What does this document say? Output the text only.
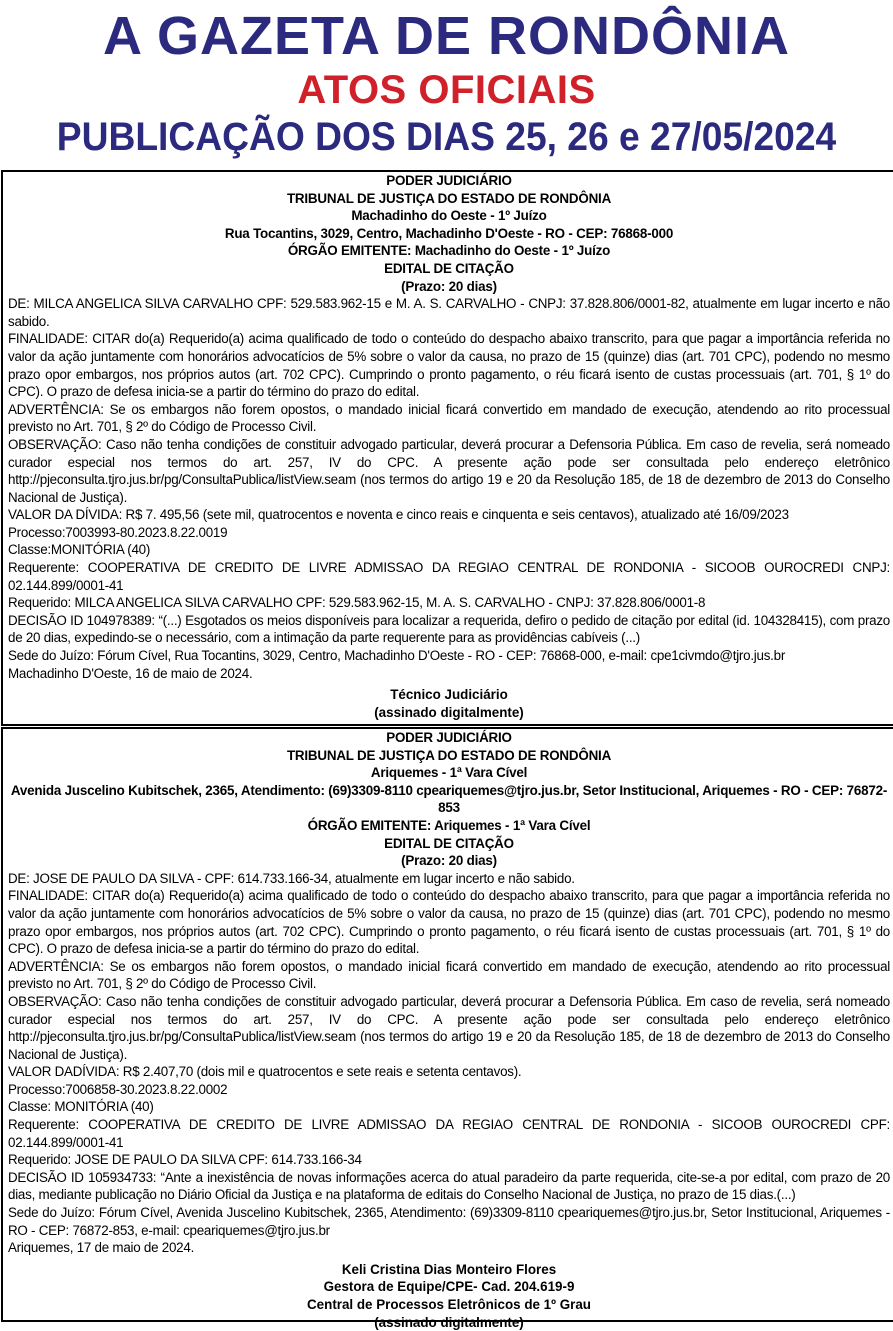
A GAZETA DE RONDÔNIA
ATOS OFICIAIS
PUBLICAÇÃO DOS DIAS 25, 26 e 27/05/2024
PODER JUDICIÁRIO
TRIBUNAL DE JUSTIÇA DO ESTADO DE RONDÔNIA
Machadinho do Oeste - 1º Juízo
Rua Tocantins, 3029, Centro, Machadinho D'Oeste - RO - CEP: 76868-000
ÓRGÃO EMITENTE: Machadinho do Oeste - 1º Juízo
EDITAL DE CITAÇÃO
(Prazo: 20 dias)

DE: MILCA ANGELICA SILVA CARVALHO CPF: 529.583.962-15 e M. A. S. CARVALHO - CNPJ: 37.828.806/0001-82, atualmente em lugar incerto e não sabido.

FINALIDADE: CITAR do(a) Requerido(a) acima qualificado de todo o conteúdo do despacho abaixo transcrito, para que pagar a importância referida no valor da ação juntamente com honorários advocatícios de 5% sobre o valor da causa, no prazo de 15 (quinze) dias (art. 701 CPC), podendo no mesmo prazo opor embargos, nos próprios autos (art. 702 CPC). Cumprindo o pronto pagamento, o réu ficará isento de custas processuais (art. 701, § 1º do CPC). O prazo de defesa inicia-se a partir do término do prazo do edital.

ADVERTÊNCIA: Se os embargos não forem opostos, o mandado inicial ficará convertido em mandado de execução, atendendo ao rito processual previsto no Art. 701, § 2º do Código de Processo Civil.

OBSERVAÇÃO: Caso não tenha condições de constituir advogado particular, deverá procurar a Defensoria Pública. Em caso de revelia, será nomeado curador especial nos termos do art. 257, IV do CPC. A presente ação pode ser consultada pelo endereço eletrônico http://pjeconsulta.tjro.jus.br/pg/ConsultaPublica/listView.seam (nos termos do artigo 19 e 20 da Resolução 185, de 18 de dezembro de 2013 do Conselho Nacional de Justiça).

VALOR DA DÍVIDA: R$ 7. 495,56 (sete mil, quatrocentos e noventa e cinco reais e cinquenta e seis centavos), atualizado até 16/09/2023

Processo:7003993-80.2023.8.22.0019

Classe:MONITÓRIA (40)

Requerente: COOPERATIVA DE CREDITO DE LIVRE ADMISSAO DA REGIAO CENTRAL DE RONDONIA - SICOOB OUROCREDI CNPJ: 02.144.899/0001-41

Requerido: MILCA ANGELICA SILVA CARVALHO CPF: 529.583.962-15, M. A. S. CARVALHO - CNPJ: 37.828.806/0001-8

DECISÃO ID 104978389: “(...) Esgotados os meios disponíveis para localizar a requerida, defiro o pedido de citação por edital (id. 104328415), com prazo de 20 dias, expedindo-se o necessário, com a intimação da parte requerente para as providências cabíveis (...)

Sede do Juízo: Fórum Cível, Rua Tocantins, 3029, Centro, Machadinho D'Oeste - RO - CEP: 76868-000, e-mail: cpe1civmdo@tjro.jus.br

Machadinho D'Oeste, 16 de maio de 2024.

Técnico Judiciário
(assinado digitalmente)
PODER JUDICIÁRIO
TRIBUNAL DE JUSTIÇA DO ESTADO DE RONDÔNIA
Ariquemes - 1ª Vara Cível
Avenida Juscelino Kubitschek, 2365, Atendimento: (69)3309-8110 cpeariquemes@tjro.jus.br, Setor Institucional, Ariquemes - RO - CEP: 76872-853
ÓRGÃO EMITENTE: Ariquemes - 1ª Vara Cível
EDITAL DE CITAÇÃO
(Prazo: 20 dias)

DE: JOSE DE PAULO DA SILVA - CPF: 614.733.166-34, atualmente em lugar incerto e não sabido.

FINALIDADE: CITAR do(a) Requerido(a) acima qualificado de todo o conteúdo do despacho abaixo transcrito, para que pagar a importância referida no valor da ação juntamente com honorários advocatícios de 5% sobre o valor da causa, no prazo de 15 (quinze) dias (art. 701 CPC), podendo no mesmo prazo opor embargos, nos próprios autos (art. 702 CPC). Cumprindo o pronto pagamento, o réu ficará isento de custas processuais (art. 701, § 1º do CPC). O prazo de defesa inicia-se a partir do término do prazo do edital.

ADVERTÊNCIA: Se os embargos não forem opostos, o mandado inicial ficará convertido em mandado de execução, atendendo ao rito processual previsto no Art. 701, § 2º do Código de Processo Civil.

OBSERVAÇÃO: Caso não tenha condições de constituir advogado particular, deverá procurar a Defensoria Pública. Em caso de revelia, será nomeado curador especial nos termos do art. 257, IV do CPC. A presente ação pode ser consultada pelo endereço eletrônico http://pjeconsulta.tjro.jus.br/pg/ConsultaPublica/listView.seam (nos termos do artigo 19 e 20 da Resolução 185, de 18 de dezembro de 2013 do Conselho Nacional de Justiça).

VALOR DADÍVIDA: R$ 2.407,70 (dois mil e quatrocentos e sete reais e setenta centavos).

Processo:7006858-30.2023.8.22.0002

Classe: MONITÓRIA (40)

Requerente: COOPERATIVA DE CREDITO DE LIVRE ADMISSAO DA REGIAO CENTRAL DE RONDONIA - SICOOB OUROCREDI CPF: 02.144.899/0001-41

Requerido: JOSE DE PAULO DA SILVA CPF: 614.733.166-34

DECISÃO ID 105934733: “Ante a inexistência de novas informações acerca do atual paradeiro da parte requerida, cite-se-a por edital, com prazo de 20 dias, mediante publicação no Diário Oficial da Justiça e na plataforma de editais do Conselho Nacional de Justiça, no prazo de 15 dias.(...)

Sede do Juízo: Fórum Cível, Avenida Juscelino Kubitschek, 2365, Atendimento: (69)3309-8110 cpeariquemes@tjro.jus.br, Setor Institucional, Ariquemes - RO - CEP: 76872-853, e-mail: cpeariquemes@tjro.jus.br

Ariquemes, 17 de maio de 2024.

Keli Cristina Dias Monteiro Flores
Gestora de Equipe/CPE- Cad. 204.619-9
Central de Processos Eletrônicos de 1º Grau
(assinado digitalmente)
